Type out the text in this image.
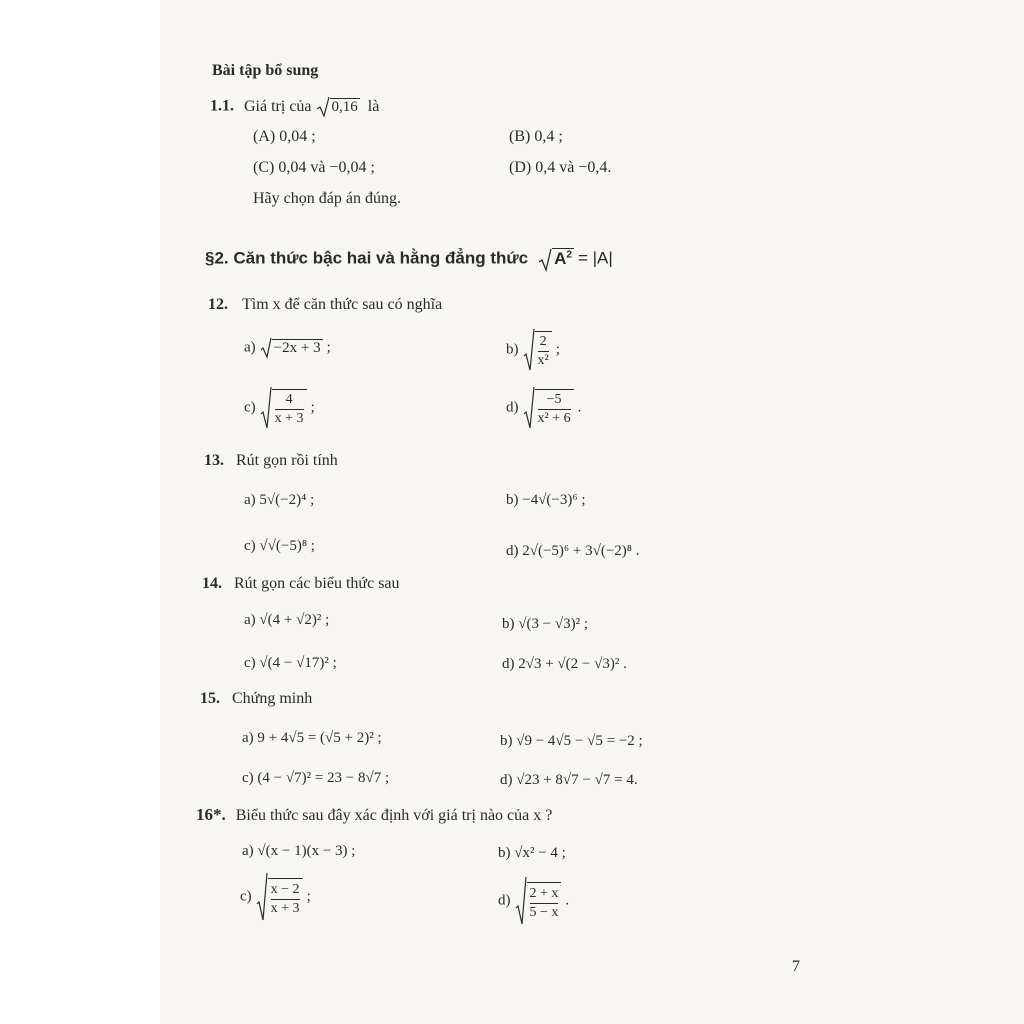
Bài tập bổ sung
1.1. Giá trị của 0,16 là
(A) 0,04 ;	(B) 0,4 ;
(C) 0,04 và −0,04 ;	(D) 0,4 và −0,4.
Hãy chọn đáp án đúng.
§2. Căn thức bậc hai và hằng đẳng thức $A^2 = |A|$
12. Tìm x để căn thức sau có nghĩa
a) −2x + 3 ;	$b) \frac{2}{\text{x²}}$ ;
$c) \frac{4}{x + 3}$ ;	$d) \frac{-5}{\text{x² + 6}}$ .
13. Rút gọn rồi tính
a) 5√(−2)⁴ ;	b) −4√(−3)⁶ ;
c) √√(−5)⁸ ;	d) 2√(−5)⁶ + 3√(−2)⁸ .
14. Rút gọn các biểu thức sau
a) √(4 + √2)² ;	b) √(3 − √3)² ;
c) √(4 − √17)² ;	d) 2√3 + √(2 − √3)² .
15. Chứng minh
a) 9 + 4√5 = (√5 + 2)² ;	b) √9 − 4√5 − √5 = −2 ;
c) (4 − √7)² = 23 − 8√7 ;	d) √23 + 8√7 − √7 = 4.
16*. Biểu thức sau đây xác định với giá trị nào của x ?
a) √(x − 1)(x − 3) ;	b) √x² − 4 ;
$c) \frac{x - 2}{x + 3}$ ;	$d) \frac{2 + x}{5 - x}$ .
7
